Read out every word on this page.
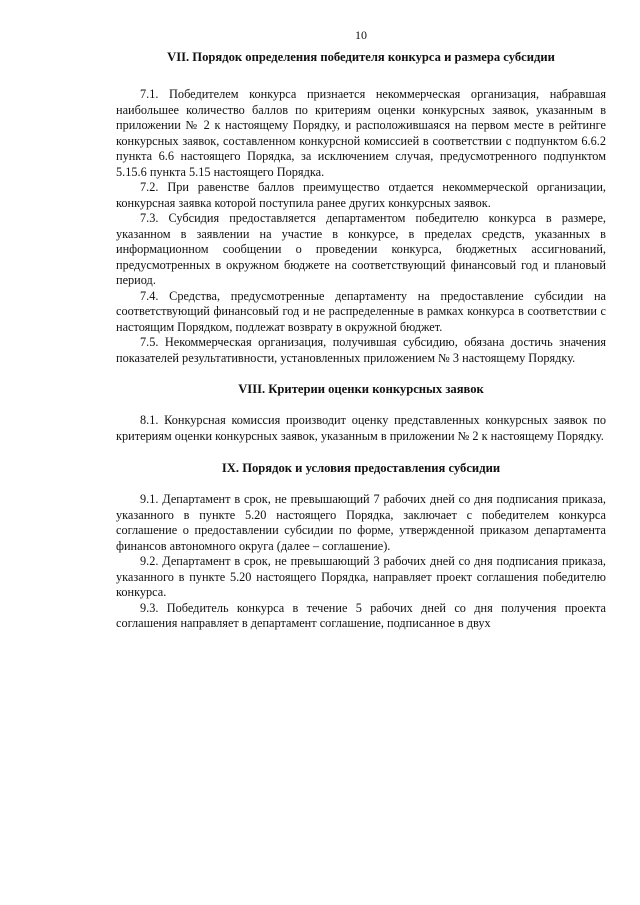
10
VII. Порядок определения победителя конкурса и размера субсидии

7.1. Победителем конкурса признается некоммерческая организация, набравшая наибольшее количество баллов по критериям оценки конкурсных заявок, указанным в приложении № 2 к настоящему Порядку, и расположившаяся на первом месте в рейтинге конкурсных заявок, составленном конкурсной комиссией в соответствии с подпунктом 6.6.2 пункта 6.6 настоящего Порядка, за исключением случая, предусмотренного подпунктом 5.15.6 пункта 5.15 настоящего Порядка.

7.2. При равенстве баллов преимущество отдается некоммерческой организации, конкурсная заявка которой поступила ранее других конкурсных заявок.

7.3. Субсидия предоставляется департаментом победителю конкурса в размере, указанном в заявлении на участие в конкурсе, в пределах средств, указанных в информационном сообщении о проведении конкурса, бюджетных ассигнований, предусмотренных в окружном бюджете на соответствующий финансовый год и плановый период.

7.4. Средства, предусмотренные департаменту на предоставление субсидии на соответствующий финансовый год и не распределенные в рамках конкурса в соответствии с настоящим Порядком, подлежат возврату в окружной бюджет.

7.5. Некоммерческая организация, получившая субсидию, обязана достичь значения показателей результативности, установленных приложением № 3 настоящему Порядку.

VIII. Критерии оценки конкурсных заявок

8.1. Конкурсная комиссия производит оценку представленных конкурсных заявок по критериям оценки конкурсных заявок, указанным в приложении № 2 к настоящему Порядку.

IX. Порядок и условия предоставления субсидии

9.1. Департамент в срок, не превышающий 7 рабочих дней со дня подписания приказа, указанного в пункте 5.20 настоящего Порядка, заключает с победителем конкурса соглашение о предоставлении субсидии по форме, утвержденной приказом департамента финансов автономного округа (далее – соглашение).

9.2. Департамент в срок, не превышающий 3 рабочих дней со дня подписания приказа, указанного в пункте 5.20 настоящего Порядка, направляет проект соглашения победителю конкурса.

9.3. Победитель конкурса в течение 5 рабочих дней со дня получения проекта соглашения направляет в департамент соглашение, подписанное в двух
